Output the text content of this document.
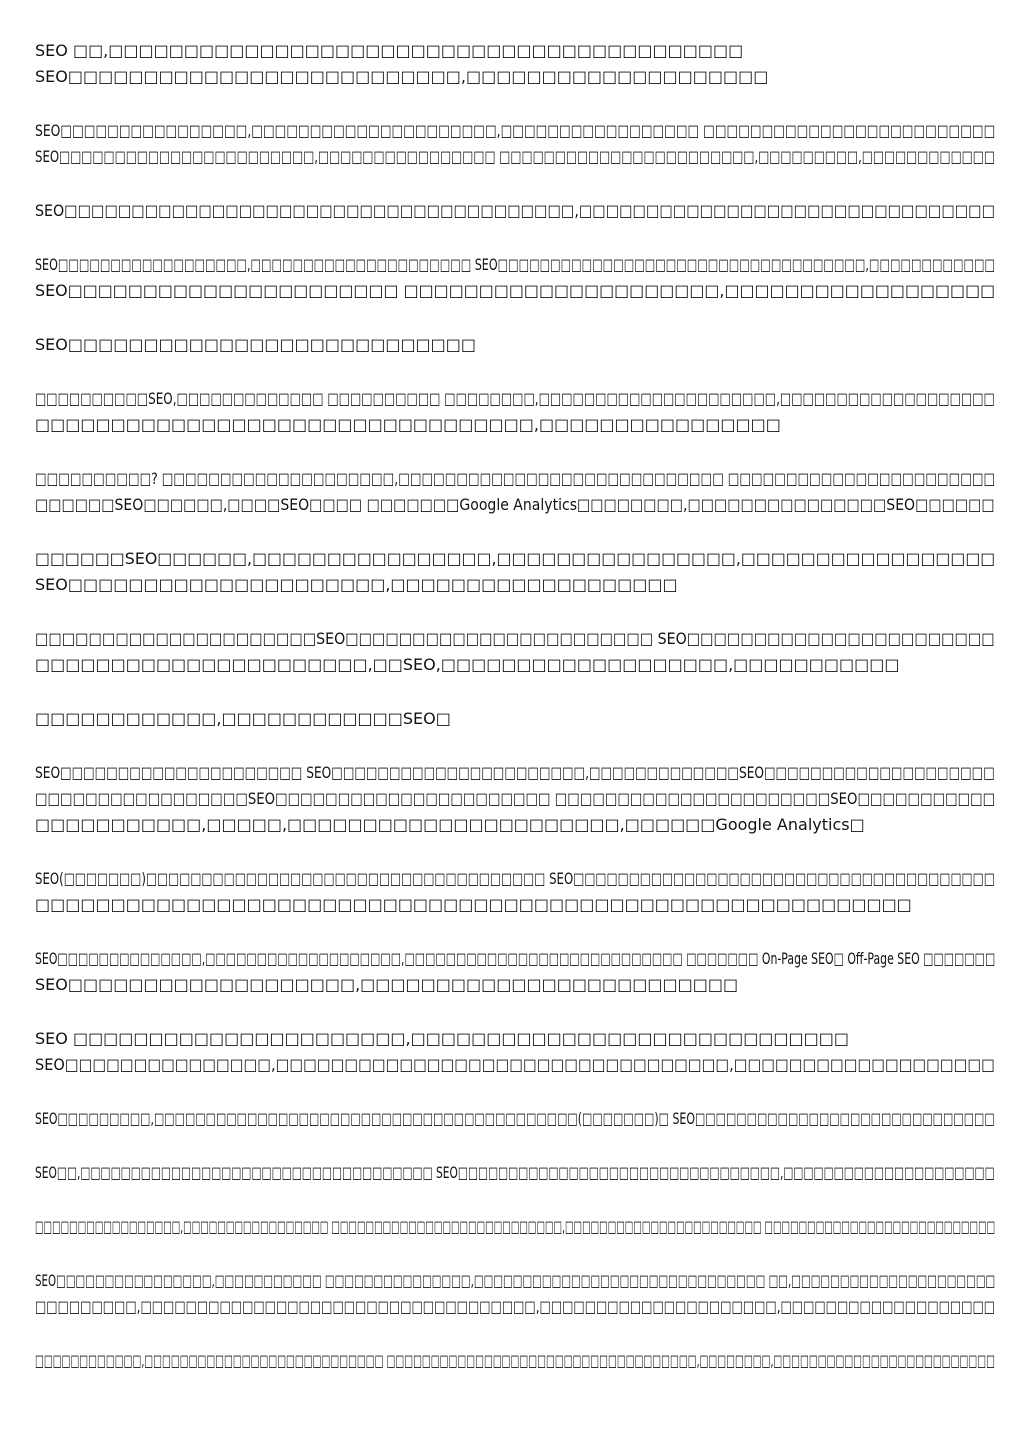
SEO □□,□□□□□□□□□□□□□□□□□□□□□□□□□□□□□□□□□□□□□□□□□□
SEO□□□□□□□□□□□□□□□□□□□□□□□□□□,□□□□□□□□□□□□□□□□□□□□
SEO□□□□□□□□□□□□□□□□,□□□□□□□□□□□□□□□□□□□□□,□□□□□□□□□□□□□□□□□ □□□□□□□□□□□□□□□□□□□□□□□□□
SEO□□□□□□□□□□□□□□□□□□□□□□□,□□□□□□□□□□□□□□□□ □□□□□□□□□□□□□□□□□□□□□□□,□□□□□□□□□,□□□□□□□□□□□□
SEO□□□□□□□□□□□□□□□□□□□□□□□□□□□□□□□□□□□□□□,□□□□□□□□□□□□□□□□□□□□□□□□□□□□□□□
SEO□□□□□□□□□□□□□□□□□□,□□□□□□□□□□□□□□□□□□□□□ SEO□□□□□□□□□□□□□□□□□□□□□□□□□□□□□□□□□□□,□□□□□□□□□□□□
SEO□□□□□□□□□□□□□□□□□□□□□□ □□□□□□□□□□□□□□□□□□□□□,□□□□□□□□□□□□□□□□□□
SEO□□□□□□□□□□□□□□□□□□□□□□□□□□□
□□□□□□□□□□SEO,□□□□□□□□□□□□□ □□□□□□□□□□ □□□□□□□□,□□□□□□□□□□□□□□□□□□□□□,□□□□□□□□□□□□□□□□□□□
□□□□□□□□□□□□□□□□□□□□□□□□□□□□□□□□□,□□□□□□□□□□□□□□□□
□□□□□□□□□□? □□□□□□□□□□□□□□□□□□□□,□□□□□□□□□□□□□□□□□□□□□□□□□□□□ □□□□□□□□□□□□□□□□□□□□□□□
□□□□□□SEO□□□□□□,□□□□SEO□□□□ □□□□□□□Google Analytics□□□□□□□□,□□□□□□□□□□□□□□□SEO□□□□□□
□□□□□□SEO□□□□□□,□□□□□□□□□□□□□□□□,□□□□□□□□□□□□□□□□,□□□□□□□□□□□□□□□□□
SEO□□□□□□□□□□□□□□□□□□□□□,□□□□□□□□□□□□□□□□□□□
□□□□□□□□□□□□□□□□□□□□□SEO□□□□□□□□□□□□□□□□□□□□□□□ SEO□□□□□□□□□□□□□□□□□□□□□□□
□□□□□□□□□□□□□□□□□□□□□□,□□SEO,□□□□□□□□□□□□□□□□□□□,□□□□□□□□□□□
□□□□□□□□□□□□,□□□□□□□□□□□□SEO□
SEO□□□□□□□□□□□□□□□□□□□□□ SEO□□□□□□□□□□□□□□□□□□□□□□,□□□□□□□□□□□□□SEO□□□□□□□□□□□□□□□□□□□□
□□□□□□□□□□□□□□□□□SEO□□□□□□□□□□□□□□□□□□□□□□ □□□□□□□□□□□□□□□□□□□□□□SEO□□□□□□□□□□□
□□□□□□□□□□□,□□□□□,□□□□□□□□□□□□□□□□□□□□□□,□□□□□□Google Analytics□
SEO(□□□□□□□)□□□□□□□□□□□□□□□□□□□□□□□□□□□□□□□□□□□□ SEO□□□□□□□□□□□□□□□□□□□□□□□□□□□□□□□□□□□□□□
□□□□□□□□□□□□□□□□□□□□□□□□□□□□□□□□□□□□□□□□□□□□□□□□□□□□□□□□□□
SEO□□□□□□□□□□□□□□,□□□□□□□□□□□□□□□□□□□,□□□□□□□□□□□□□□□□□□□□□□□□□□□ □□□□□□□ On-Page SEO□ Off-Page SEO □□□□□□□
SEO□□□□□□□□□□□□□□□□□□□,□□□□□□□□□□□□□□□□□□□□□□□□□
SEO □□□□□□□□□□□□□□□□□□□□□□,□□□□□□□□□□□□□□□□□□□□□□□□□□□□□
SEO□□□□□□□□□□□□□□□,□□□□□□□□□□□□□□□□□□□□□□□□□□□□□□□□□,□□□□□□□□□□□□□□□□□□□
SEO□□□□□□□□□,□□□□□□□□□□□□□□□□□□□□□□□□□□□□□□□□□□□□□□□□□(□□□□□□□)□ SEO□□□□□□□□□□□□□□□□□□□□□□□□□□□□□
SEO□□,□□□□□□□□□□□□□□□□□□□□□□□□□□□□□□□□□□□ SEO□□□□□□□□□□□□□□□□□□□□□□□□□□□□□□□□,□□□□□□□□□□□□□□□□□□□□□
□□□□□□□□□□□□□□□□□,□□□□□□□□□□□□□□□□□ □□□□□□□□□□□□□□□□□□□□□□□□□□□,□□□□□□□□□□□□□□□□□□□□□□□ □□□□□□□□□□□□□□□□□□□□□□□□□□□
SEO□□□□□□□□□□□□□□□□,□□□□□□□□□□□ □□□□□□□□□□□□□□□,□□□□□□□□□□□□□□□□□□□□□□□□□□□□□□ □□,□□□□□□□□□□□□□□□□□□□□□
□□□□□□□□□,□□□□□□□□□□□□□□□□□□□□□□□□□□□□□□□□□□□,□□□□□□□□□□□□□□□□□□□□□,□□□□□□□□□□□□□□□□□□□
□□□□□□□□□□□□,□□□□□□□□□□□□□□□□□□□□□□□□□□□ □□□□□□□□□□□□□□□□□□□□□□□□□□□□□□□□□□□,□□□□□□□□,□□□□□□□□□□□□□□□□□□□□□□□□□
